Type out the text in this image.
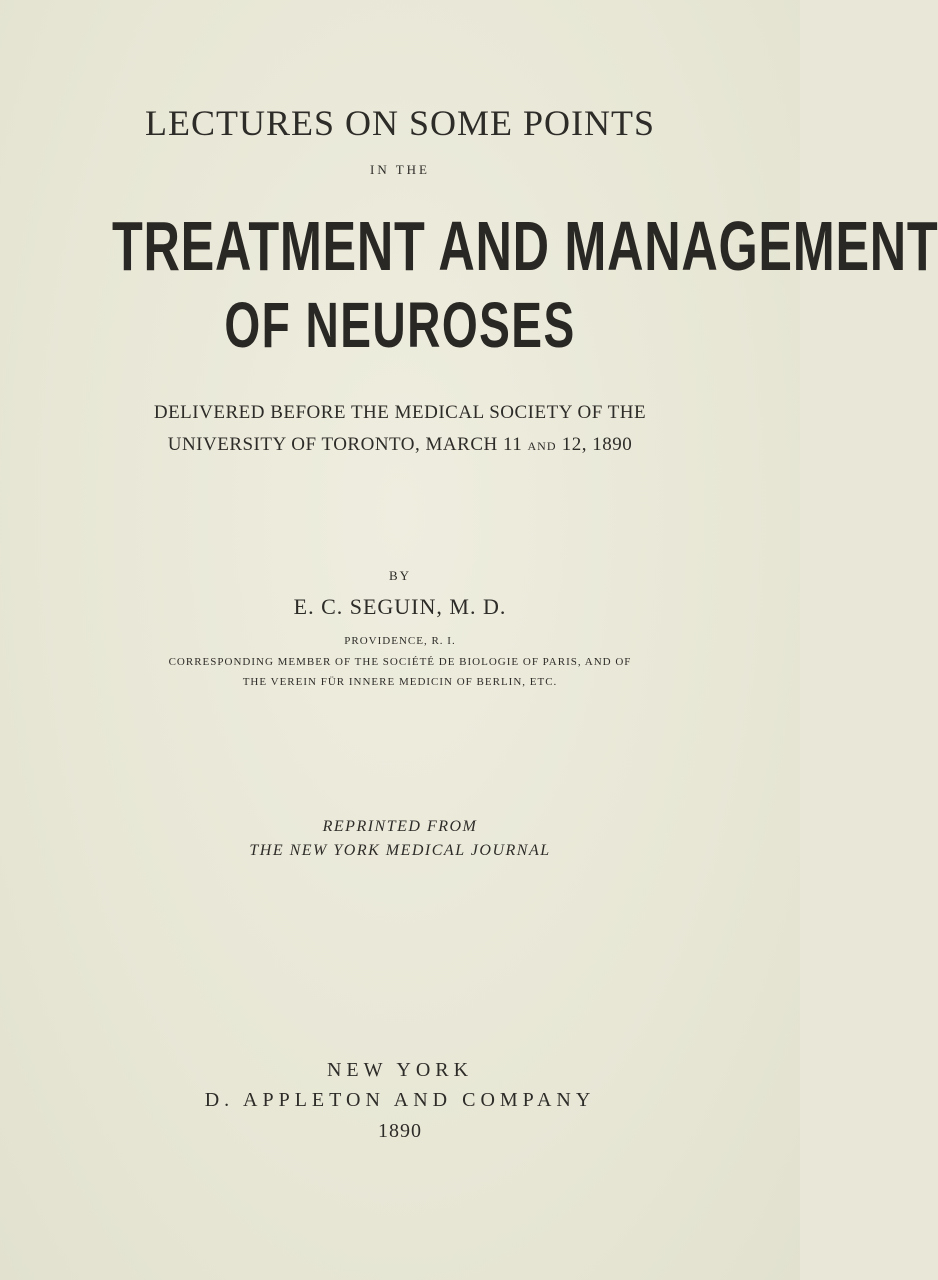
LECTURES ON SOME POINTS
IN THE
TREATMENT AND MANAGEMENT
OF NEUROSES
DELIVERED BEFORE THE MEDICAL SOCIETY OF THE
UNIVERSITY OF TORONTO, MARCH 11 AND 12, 1890
BY
E. C. SEGUIN, M. D.
PROVIDENCE, R. I.
CORRESPONDING MEMBER OF THE SOCIÉTÉ DE BIOLOGIE OF PARIS, AND OF
THE VEREIN FÜR INNERE MEDICIN OF BERLIN, ETC.
REPRINTED FROM
THE NEW YORK MEDICAL JOURNAL
NEW YORK
D. APPLETON AND COMPANY
1890
